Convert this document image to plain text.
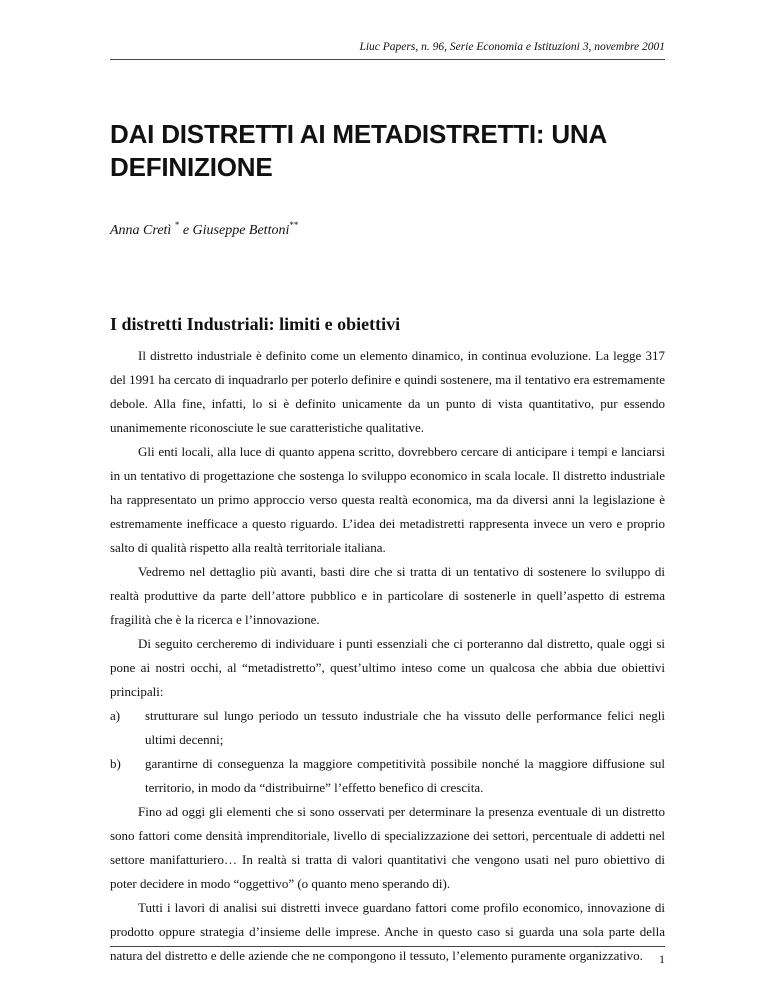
Liuc Papers, n. 96, Serie Economia e Istituzioni 3, novembre 2001
DAI DISTRETTI AI METADISTRETTI: UNA DEFINIZIONE
Anna Cretì * e Giuseppe Bettoni**
I distretti Industriali: limiti e obiettivi

Il distretto industriale è definito come un elemento dinamico, in continua evoluzione. La legge 317 del 1991 ha cercato di inquadrarlo per poterlo definire e quindi sostenere, ma il tentativo era estremamente debole. Alla fine, infatti, lo si è definito unicamente da un punto di vista quantitativo, pur essendo unanimemente riconosciute le sue caratteristiche qualitative.

Gli enti locali, alla luce di quanto appena scritto, dovrebbero cercare di anticipare i tempi e lanciarsi in un tentativo di progettazione che sostenga lo sviluppo economico in scala locale. Il distretto industriale ha rappresentato un primo approccio verso questa realtà economica, ma da diversi anni la legislazione è estremamente inefficace a questo riguardo. L’idea dei metadistretti rappresenta invece un vero e proprio salto di qualità rispetto alla realtà territoriale italiana.

Vedremo nel dettaglio più avanti, basti dire che si tratta di un tentativo di sostenere lo sviluppo di realtà produttive da parte dell’attore pubblico e in particolare di sostenerle in quell’aspetto di estrema fragilità che è la ricerca e l’innovazione.

Di seguito cercheremo di individuare i punti essenziali che ci porteranno dal distretto, quale oggi si pone ai nostri occhi, al “metadistretto”, quest’ultimo inteso come un qualcosa che abbia due obiettivi principali:

a) strutturare sul lungo periodo un tessuto industriale che ha vissuto delle performance felici negli ultimi decenni;
b) garantirne di conseguenza la maggiore competitività possibile nonché la maggiore diffusione sul territorio, in modo da “distribuirne” l’effetto benefico di crescita.

Fino ad oggi gli elementi che si sono osservati per determinare la presenza eventuale di un distretto sono fattori come densità imprenditoriale, livello di specializzazione dei settori, percentuale di addetti nel settore manifatturiero… In realtà si tratta di valori quantitativi che vengono usati nel puro obiettivo di poter decidere in modo “oggettivo” (o quanto meno sperando di).

Tutti i lavori di analisi sui distretti invece guardano fattori come profilo economico, innovazione di prodotto oppure strategia d’insieme delle imprese. Anche in questo caso si guarda una sola parte della natura del distretto e delle aziende che ne compongono il tessuto, l’elemento puramente organizzativo.	1
